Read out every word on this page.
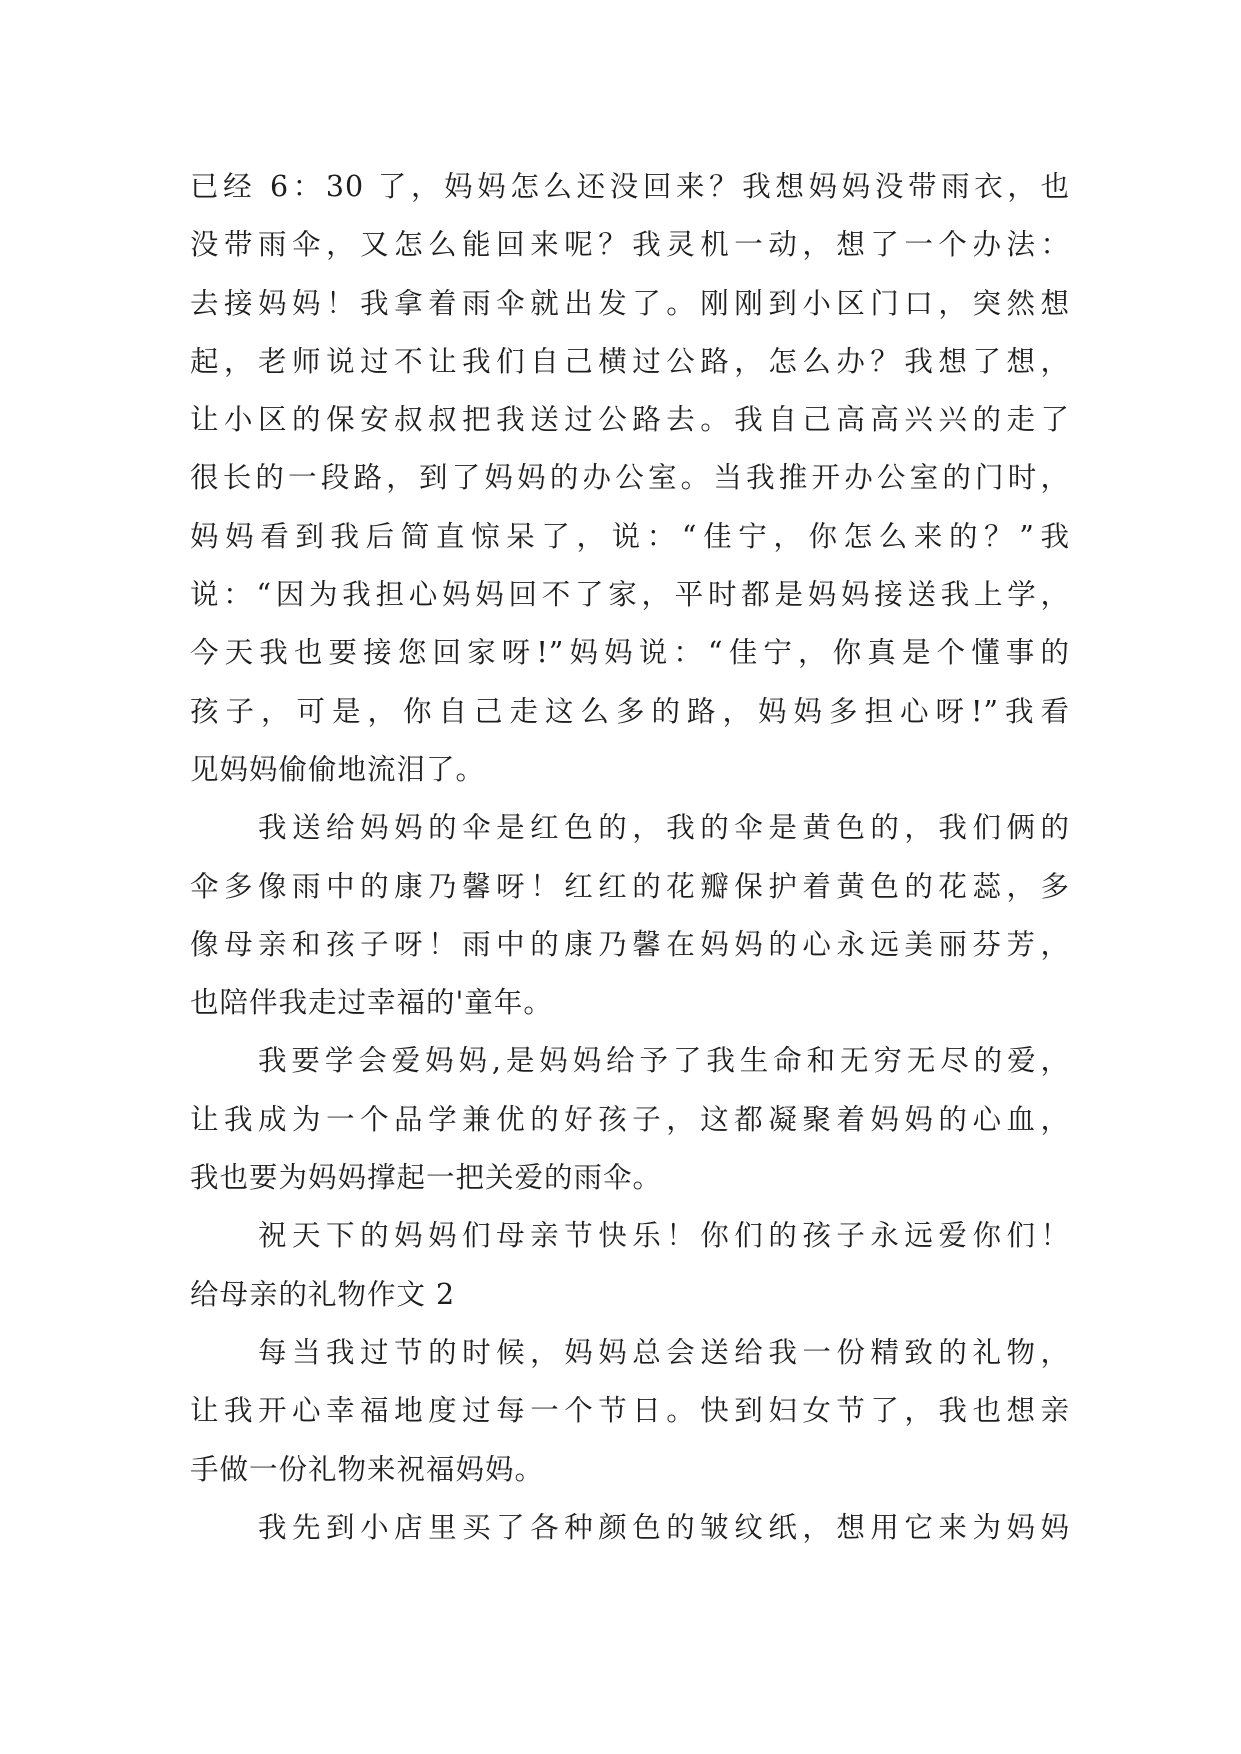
已经 6：30 了，妈妈怎么还没回来？我想妈妈没带雨衣，也
没带雨伞，又怎么能回来呢？我灵机一动，想了一个办法：
去接妈妈！我拿着雨伞就出发了。刚刚到小区门口，突然想
起，老师说过不让我们自己横过公路，怎么办？我想了想，
让小区的保安叔叔把我送过公路去。我自己高高兴兴的走了
很长的一段路，到了妈妈的办公室。当我推开办公室的门时，
妈妈看到我后简直惊呆了，说：“佳宁，你怎么来的？”我
说：“因为我担心妈妈回不了家，平时都是妈妈接送我上学，
今天我也要接您回家呀!”妈妈说：“佳宁，你真是个懂事的
孩子，可是，你自己走这么多的路，妈妈多担心呀!”我看
见妈妈偷偷地流泪了。
我送给妈妈的伞是红色的，我的伞是黄色的，我们俩的
伞多像雨中的康乃馨呀！红红的花瓣保护着黄色的花蕊，多
像母亲和孩子呀！雨中的康乃馨在妈妈的心永远美丽芬芳，
也陪伴我走过幸福的'童年。
我要学会爱妈妈,是妈妈给予了我生命和无穷无尽的爱，
让我成为一个品学兼优的好孩子，这都凝聚着妈妈的心血，
我也要为妈妈撑起一把关爱的雨伞。
祝天下的妈妈们母亲节快乐！你们的孩子永远爱你们！
给母亲的礼物作文 2
每当我过节的时候，妈妈总会送给我一份精致的礼物，
让我开心幸福地度过每一个节日。快到妇女节了，我也想亲
手做一份礼物来祝福妈妈。
我先到小店里买了各种颜色的皱纹纸，想用它来为妈妈
